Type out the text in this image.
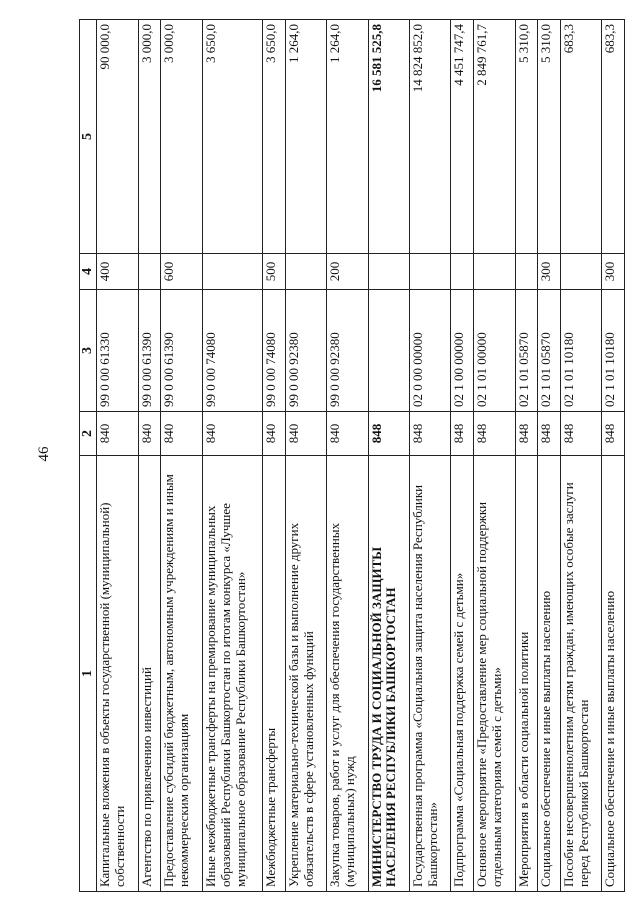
46
1	2	3	4	5
Капитальные вложения в объекты государственной (муниципальной) собственности	840	99 0 00 61330	400	90 000,0
Агентство по привлечению инвестиций	840	99 0 00 61390		3 000,0
Предоставление субсидий бюджетным, автономным учреждениям и иным некоммерческим организациям	840	99 0 00 61390	600	3 000,0
Иные межбюджетные трансферты на премирование муниципальных образований Республики Башкортостан по итогам конкурса «Лучшее муниципальное образование Республики Башкортостан»	840	99 0 00 74080		3 650,0
Межбюджетные трансферты	840	99 0 00 74080	500	3 650,0
Укрепление материально-технической базы и выполнение других обязательств в сфере установленных функций	840	99 0 00 92380		1 264,0
Закупка товаров, работ и услуг для обеспечения государственных (муниципальных) нужд	840	99 0 00 92380	200	1 264,0
МИНИСТЕРСТВО ТРУДА И СОЦИАЛЬНОЙ ЗАЩИТЫ НАСЕЛЕНИЯ РЕСПУБЛИКИ БАШКОРТОСТАН	848			16 581 525,8
Государственная программа «Социальная защита населения Республики Башкортостан»	848	02 0 00 00000		14 824 852,0
Подпрограмма «Социальная поддержка семей с детьми»	848	02 1 00 00000		4 451 747,4
Основное мероприятие «Предоставление мер социальной поддержки отдельным категориям семей с детьми»	848	02 1 01 00000		2 849 761,7
Мероприятия в области социальной политики	848	02 1 01 05870		5 310,0
Социальное обеспечение и иные выплаты населению	848	02 1 01 05870	300	5 310,0
Пособие несовершеннолетним детям граждан, имеющих особые заслуги перед Республикой Башкортостан	848	02 1 01 10180		683,3
Социальное обеспечение и иные выплаты населению	848	02 1 01 10180	300	683,3
